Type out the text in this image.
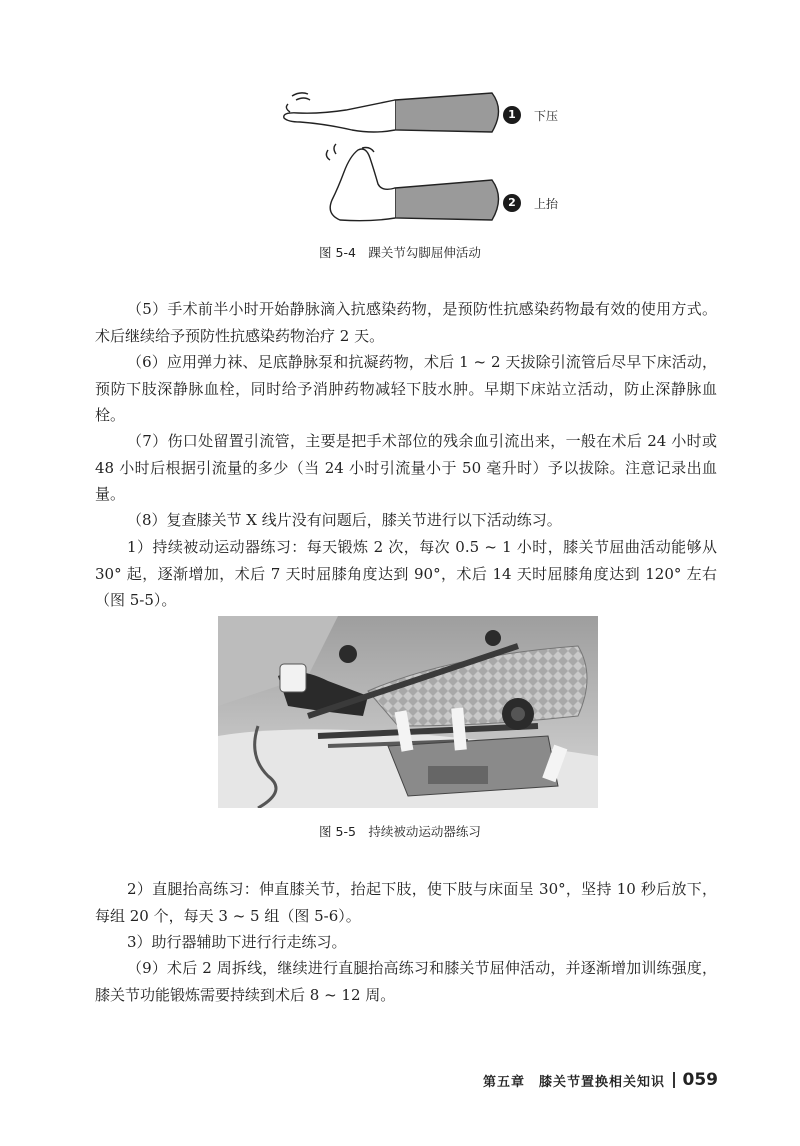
1	下压
2	上抬
图 5-4　踝关节勾脚屈伸活动

（5）手术前半小时开始静脉滴入抗感染药物，是预防性抗感染药物最有效的使用方式。术后继续给予预防性抗感染药物治疗 2 天。

（6）应用弹力袜、足底静脉泵和抗凝药物，术后 1 ~ 2 天拔除引流管后尽早下床活动，预防下肢深静脉血栓，同时给予消肿药物减轻下肢水肿。早期下床站立活动，防止深静脉血栓。

（7）伤口处留置引流管，主要是把手术部位的残余血引流出来，一般在术后 24 小时或 48 小时后根据引流量的多少（当 24 小时引流量小于 50 毫升时）予以拔除。注意记录出血量。

（8）复查膝关节 X 线片没有问题后，膝关节进行以下活动练习。

1）持续被动运动器练习：每天锻炼 2 次，每次 0.5 ~ 1 小时，膝关节屈曲活动能够从 30° 起，逐渐增加，术后 7 天时屈膝角度达到 90°，术后 14 天时屈膝角度达到 120° 左右（图 5-5）。

图 5-5　持续被动运动器练习

2）直腿抬高练习：伸直膝关节，抬起下肢，使下肢与床面呈 30°，坚持 10 秒后放下，每组 20 个，每天 3 ~ 5 组（图 5-6）。

3）助行器辅助下进行行走练习。

（9）术后 2 周拆线，继续进行直腿抬高练习和膝关节屈伸活动，并逐渐增加训练强度，膝关节功能锻炼需要持续到术后 8 ~ 12 周。

第五章　膝关节置换相关知识 059
